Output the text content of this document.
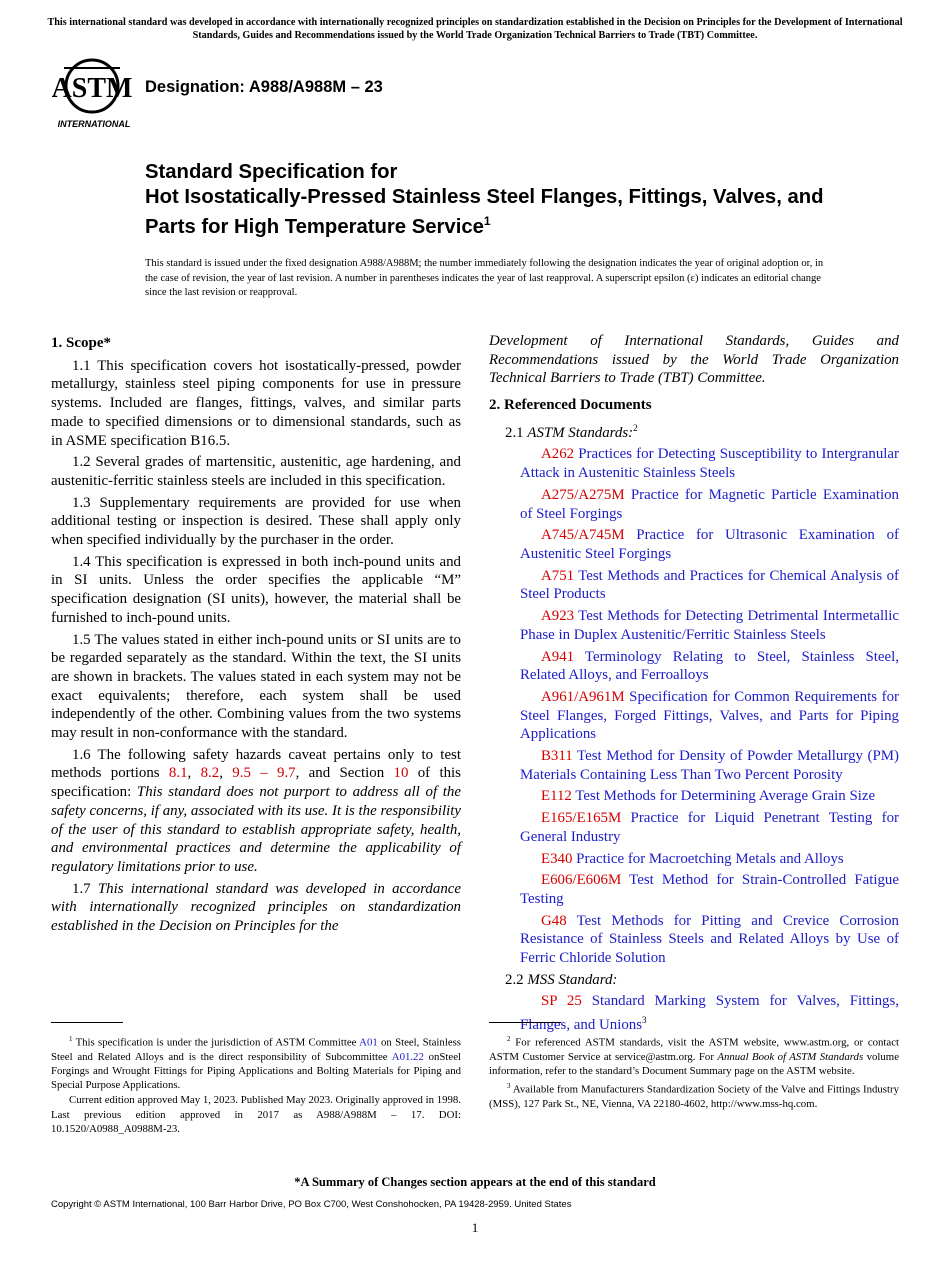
This international standard was developed in accordance with internationally recognized principles on standardization established in the Decision on Principles for the Development of International Standards, Guides and Recommendations issued by the World Trade Organization Technical Barriers to Trade (TBT) Committee.
ASTM
INTERNATIONAL
Designation: A988/A988M – 23
Standard Specification for
Hot Isostatically-Pressed Stainless Steel Flanges, Fittings, Valves, and Parts for High Temperature Service$^1$
This standard is issued under the fixed designation A988/A988M; the number immediately following the designation indicates the year of original adoption or, in the case of revision, the year of last revision. A number in parentheses indicates the year of last reapproval. A superscript epsilon (ε) indicates an editorial change since the last revision or reapproval.
1. Scope*

1.1 This specification covers hot isostatically-pressed, powder metallurgy, stainless steel piping components for use in pressure systems. Included are flanges, fittings, valves, and similar parts made to specified dimensions or to dimensional standards, such as in ASME specification B16.5.

1.2 Several grades of martensitic, austenitic, age hardening, and austenitic-ferritic stainless steels are included in this specification.

1.3 Supplementary requirements are provided for use when additional testing or inspection is desired. These shall apply only when specified individually by the purchaser in the order.

1.4 This specification is expressed in both inch-pound units and in SI units. Unless the order specifies the applicable “M” specification designation (SI units), however, the material shall be furnished to inch-pound units.

1.5 The values stated in either inch-pound units or SI units are to be regarded separately as the standard. Within the text, the SI units are shown in brackets. The values stated in each system may not be exact equivalents; therefore, each system shall be used independently of the other. Combining values from the two systems may result in non-conformance with the standard.

1.6 The following safety hazards caveat pertains only to test methods portions 8.1, 8.2, 9.5 – 9.7, and Section 10 of this specification: This standard does not purport to address all of the safety concerns, if any, associated with its use. It is the responsibility of the user of this standard to establish appropriate safety, health, and environmental practices and determine the applicability of regulatory limitations prior to use.

1.7 This international standard was developed in accordance with internationally recognized principles on standardization established in the Decision on Principles for the

Development of International Standards, Guides and Recommendations issued by the World Trade Organization Technical Barriers to Trade (TBT) Committee.

2. Referenced Documents

2.1 ASTM Standards:$^2$

A262 Practices for Detecting Susceptibility to Intergranular Attack in Austenitic Stainless Steels

A275/A275M Practice for Magnetic Particle Examination of Steel Forgings

A745/A745M Practice for Ultrasonic Examination of Austenitic Steel Forgings

A751 Test Methods and Practices for Chemical Analysis of Steel Products

A923 Test Methods for Detecting Detrimental Intermetallic Phase in Duplex Austenitic/Ferritic Stainless Steels

A941 Terminology Relating to Steel, Stainless Steel, Related Alloys, and Ferroalloys

A961/A961M Specification for Common Requirements for Steel Flanges, Forged Fittings, Valves, and Parts for Piping Applications

B311 Test Method for Density of Powder Metallurgy (PM) Materials Containing Less Than Two Percent Porosity

E112 Test Methods for Determining Average Grain Size

E165/E165M Practice for Liquid Penetrant Testing for General Industry

E340 Practice for Macroetching Metals and Alloys

E606/E606M Test Method for Strain-Controlled Fatigue Testing

G48 Test Methods for Pitting and Crevice Corrosion Resistance of Stainless Steels and Related Alloys by Use of Ferric Chloride Solution

2.2 MSS Standard:

SP 25 Standard Marking System for Valves, Fittings, Flanges, and Unions$^3$

$^1$ This specification is under the jurisdiction of ASTM Committee A01 on Steel, Stainless Steel and Related Alloys and is the direct responsibility of Subcommittee A01.22 onSteel Forgings and Wrought Fittings for Piping Applications and Bolting Materials for Piping and Special Purpose Applications.

Current edition approved May 1, 2023. Published May 2023. Originally approved in 1998. Last previous edition approved in 2017 as A988/A988M – 17. DOI: 10.1520/A0988_A0988M-23.

$^2$ For referenced ASTM standards, visit the ASTM website, www.astm.org, or contact ASTM Customer Service at service@astm.org. For Annual Book of ASTM Standards volume information, refer to the standard’s Document Summary page on the ASTM website.

$^3$ Available from Manufacturers Standardization Society of the Valve and Fittings Industry (MSS), 127 Park St., NE, Vienna, VA 22180-4602, http://www.mss-hq.com.

*A Summary of Changes section appears at the end of this standard
Copyright © ASTM International, 100 Barr Harbor Drive, PO Box C700, West Conshohocken, PA 19428-2959. United States
1
